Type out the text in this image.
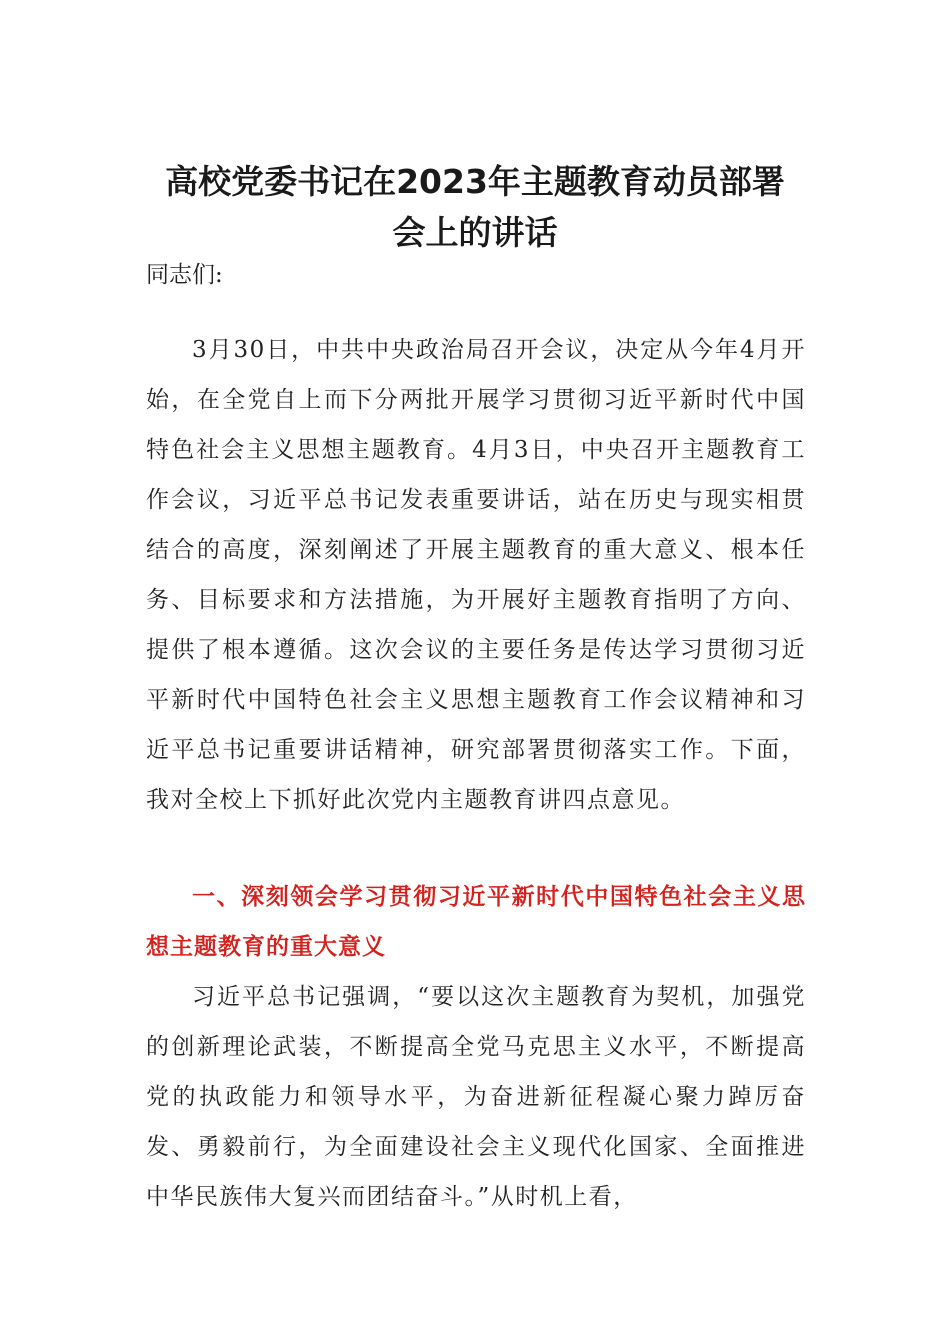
高校党委书记在2023年主题教育动员部署
会上的讲话
同志们:

3月30日，中共中央政治局召开会议，决定从今年4月开始，在全党自上而下分两批开展学习贯彻习近平新时代中国特色社会主义思想主题教育。4月3日，中央召开主题教育工作会议，习近平总书记发表重要讲话，站在历史与现实相贯结合的高度，深刻阐述了开展主题教育的重大意义、根本任务、目标要求和方法措施，为开展好主题教育指明了方向、提供了根本遵循。这次会议的主要任务是传达学习贯彻习近平新时代中国特色社会主义思想主题教育工作会议精神和习近平总书记重要讲话精神，研究部署贯彻落实工作。下面，我对全校上下抓好此次党内主题教育讲四点意见。

一、深刻领会学习贯彻习近平新时代中国特色社会主义思想主题教育的重大意义

习近平总书记强调，“要以这次主题教育为契机，加强党的创新理论武装，不断提高全党马克思主义水平，不断提高党的执政能力和领导水平，为奋进新征程凝心聚力踔厉奋发、勇毅前行，为全面建设社会主义现代化国家、全面推进中华民族伟大复兴而团结奋斗。”从时机上看，
